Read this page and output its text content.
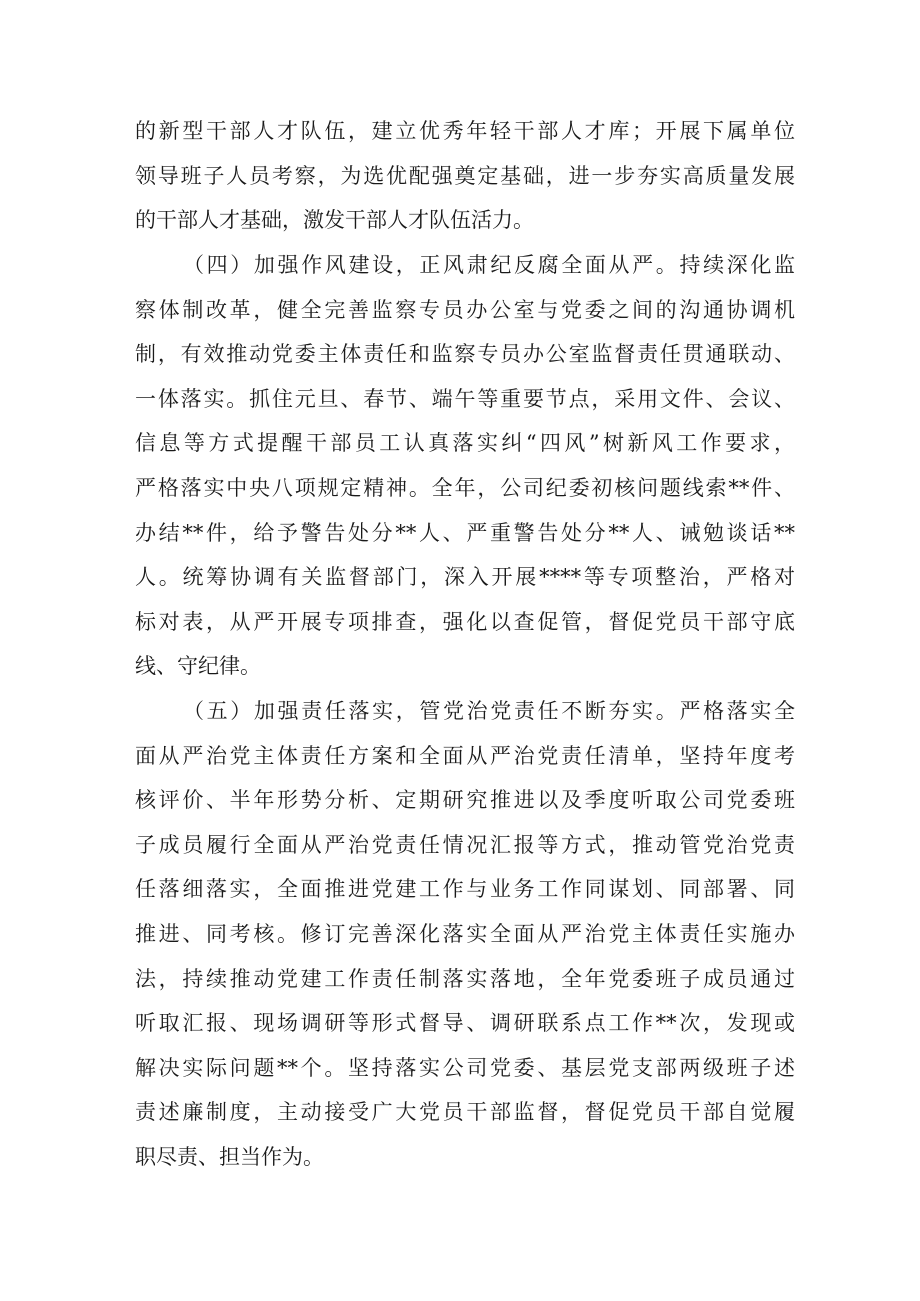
的新型干部人才队伍，建立优秀年轻干部人才库；开展下属单位
领导班子人员考察，为选优配强奠定基础，进一步夯实高质量发展
的干部人才基础，激发干部人才队伍活力。
（四）加强作风建设，正风肃纪反腐全面从严。持续深化监
察体制改革，健全完善监察专员办公室与党委之间的沟通协调机
制，有效推动党委主体责任和监察专员办公室监督责任贯通联动、
一体落实。抓住元旦、春节、端午等重要节点，采用文件、会议、
信息等方式提醒干部员工认真落实纠“四风”树新风工作要求，
严格落实中央八项规定精神。全年，公司纪委初核问题线索**件、
办结**件，给予警告处分**人、严重警告处分**人、诫勉谈话**
人。统筹协调有关监督部门，深入开展****等专项整治，严格对
标对表，从严开展专项排查，强化以查促管，督促党员干部守底
线、守纪律。
（五）加强责任落实，管党治党责任不断夯实。严格落实全
面从严治党主体责任方案和全面从严治党责任清单，坚持年度考
核评价、半年形势分析、定期研究推进以及季度听取公司党委班
子成员履行全面从严治党责任情况汇报等方式，推动管党治党责
任落细落实，全面推进党建工作与业务工作同谋划、同部署、同
推进、同考核。修订完善深化落实全面从严治党主体责任实施办
法，持续推动党建工作责任制落实落地，全年党委班子成员通过
听取汇报、现场调研等形式督导、调研联系点工作**次，发现或
解决实际问题**个。坚持落实公司党委、基层党支部两级班子述
责述廉制度，主动接受广大党员干部监督，督促党员干部自觉履
职尽责、担当作为。
